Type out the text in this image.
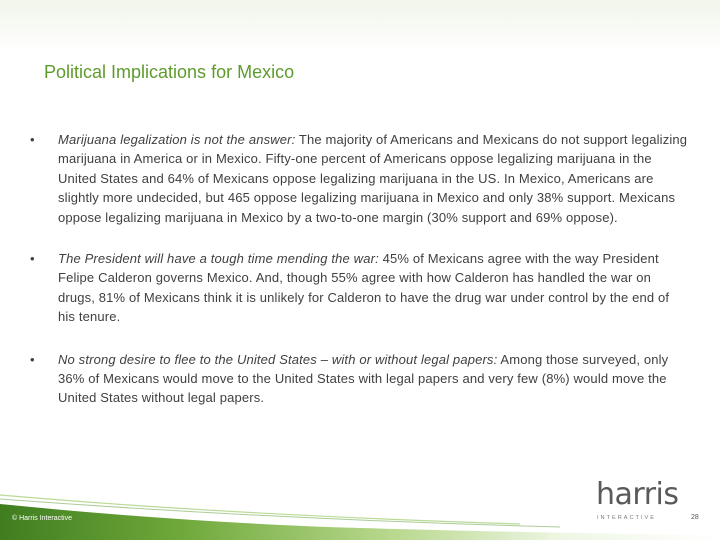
Political Implications for Mexico
•	Marijuana legalization is not the answer: The majority of Americans and Mexicans do not support legalizing marijuana in America or in Mexico. Fifty-one percent of Americans oppose legalizing marijuana in the United States and 64% of Mexicans oppose legalizing marijuana in the US. In Mexico, Americans are slightly more undecided, but 465 oppose legalizing marijuana in Mexico and only 38% support. Mexicans oppose legalizing marijuana in Mexico by a two-to-one margin (30% support and 69% oppose).
•	The President will have a tough time mending the war: 45% of Mexicans agree with the way President Felipe Calderon governs Mexico. And, though 55% agree with how Calderon has handled the war on drugs, 81% of Mexicans think it is unlikely for Calderon to have the drug war under control by the end of his tenure.
•	No strong desire to flee to the United States – with or without legal papers: Among those surveyed, only 36% of Mexicans would move to the United States with legal papers and very few (8%) would move the United States without legal papers.
© Harris Interactive
harris
INTERACTIVE	28
